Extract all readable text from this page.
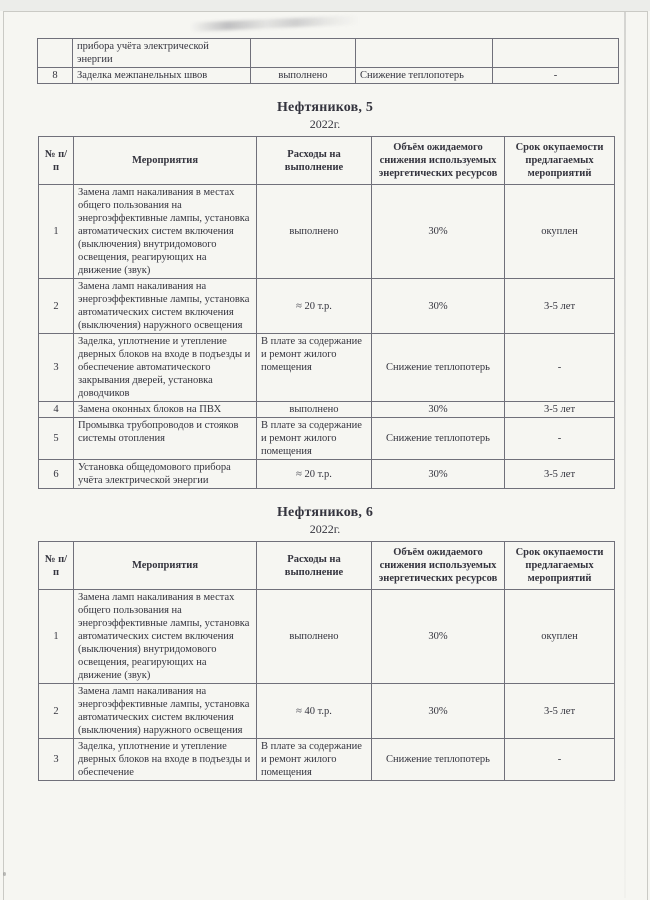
	прибора учёта электрической энергии			
8	Заделка межпанельных швов	выполнено	Снижение теплопотерь	-
Нефтяников, 5
2022г.
№ п/п	Мероприятия	Расходы на выполнение	Объём ожидаемого снижения используемых энергетических ресурсов	Срок окупаемости предлагаемых мероприятий
1	Замена ламп накаливания в местах общего пользования на энергоэффективные лампы, установка автоматических систем включения (выключения) внутридомового освещения, реагирующих на движение (звук)	выполнено	30%	окуплен
2	Замена ламп накаливания на энергоэффективные лампы, установка автоматических систем включения (выключения) наружного освещения	≈ 20 т.р.	30%	3-5 лет
3	Заделка, уплотнение и утепление дверных блоков на входе в подъезды и обеспечение автоматического закрывания дверей, установка доводчиков	В плате за содержание и ремонт жилого помещения	Снижение теплопотерь	-
4	Замена оконных блоков на ПВХ	выполнено	30%	3-5 лет
5	Промывка трубопроводов и стояков системы отопления	В плате за содержание и ремонт жилого помещения	Снижение теплопотерь	-
6	Установка общедомового прибора учёта электрической энергии	≈ 20 т.р.	30%	3-5 лет
Нефтяников, 6
2022г.
№ п/п	Мероприятия	Расходы на выполнение	Объём ожидаемого снижения используемых энергетических ресурсов	Срок окупаемости предлагаемых мероприятий
1	Замена ламп накаливания в местах общего пользования на энергоэффективные лампы, установка автоматических систем включения (выключения) внутридомового освещения, реагирующих на движение (звук)	выполнено	30%	окуплен
2	Замена ламп накаливания на энергоэффективные лампы, установка автоматических систем включения (выключения) наружного освещения	≈ 40 т.р.	30%	3-5 лет
3	Заделка, уплотнение и утепление дверных блоков на входе в подъезды и обеспечение	В плате за содержание и ремонт жилого помещения	Снижение теплопотерь	-
